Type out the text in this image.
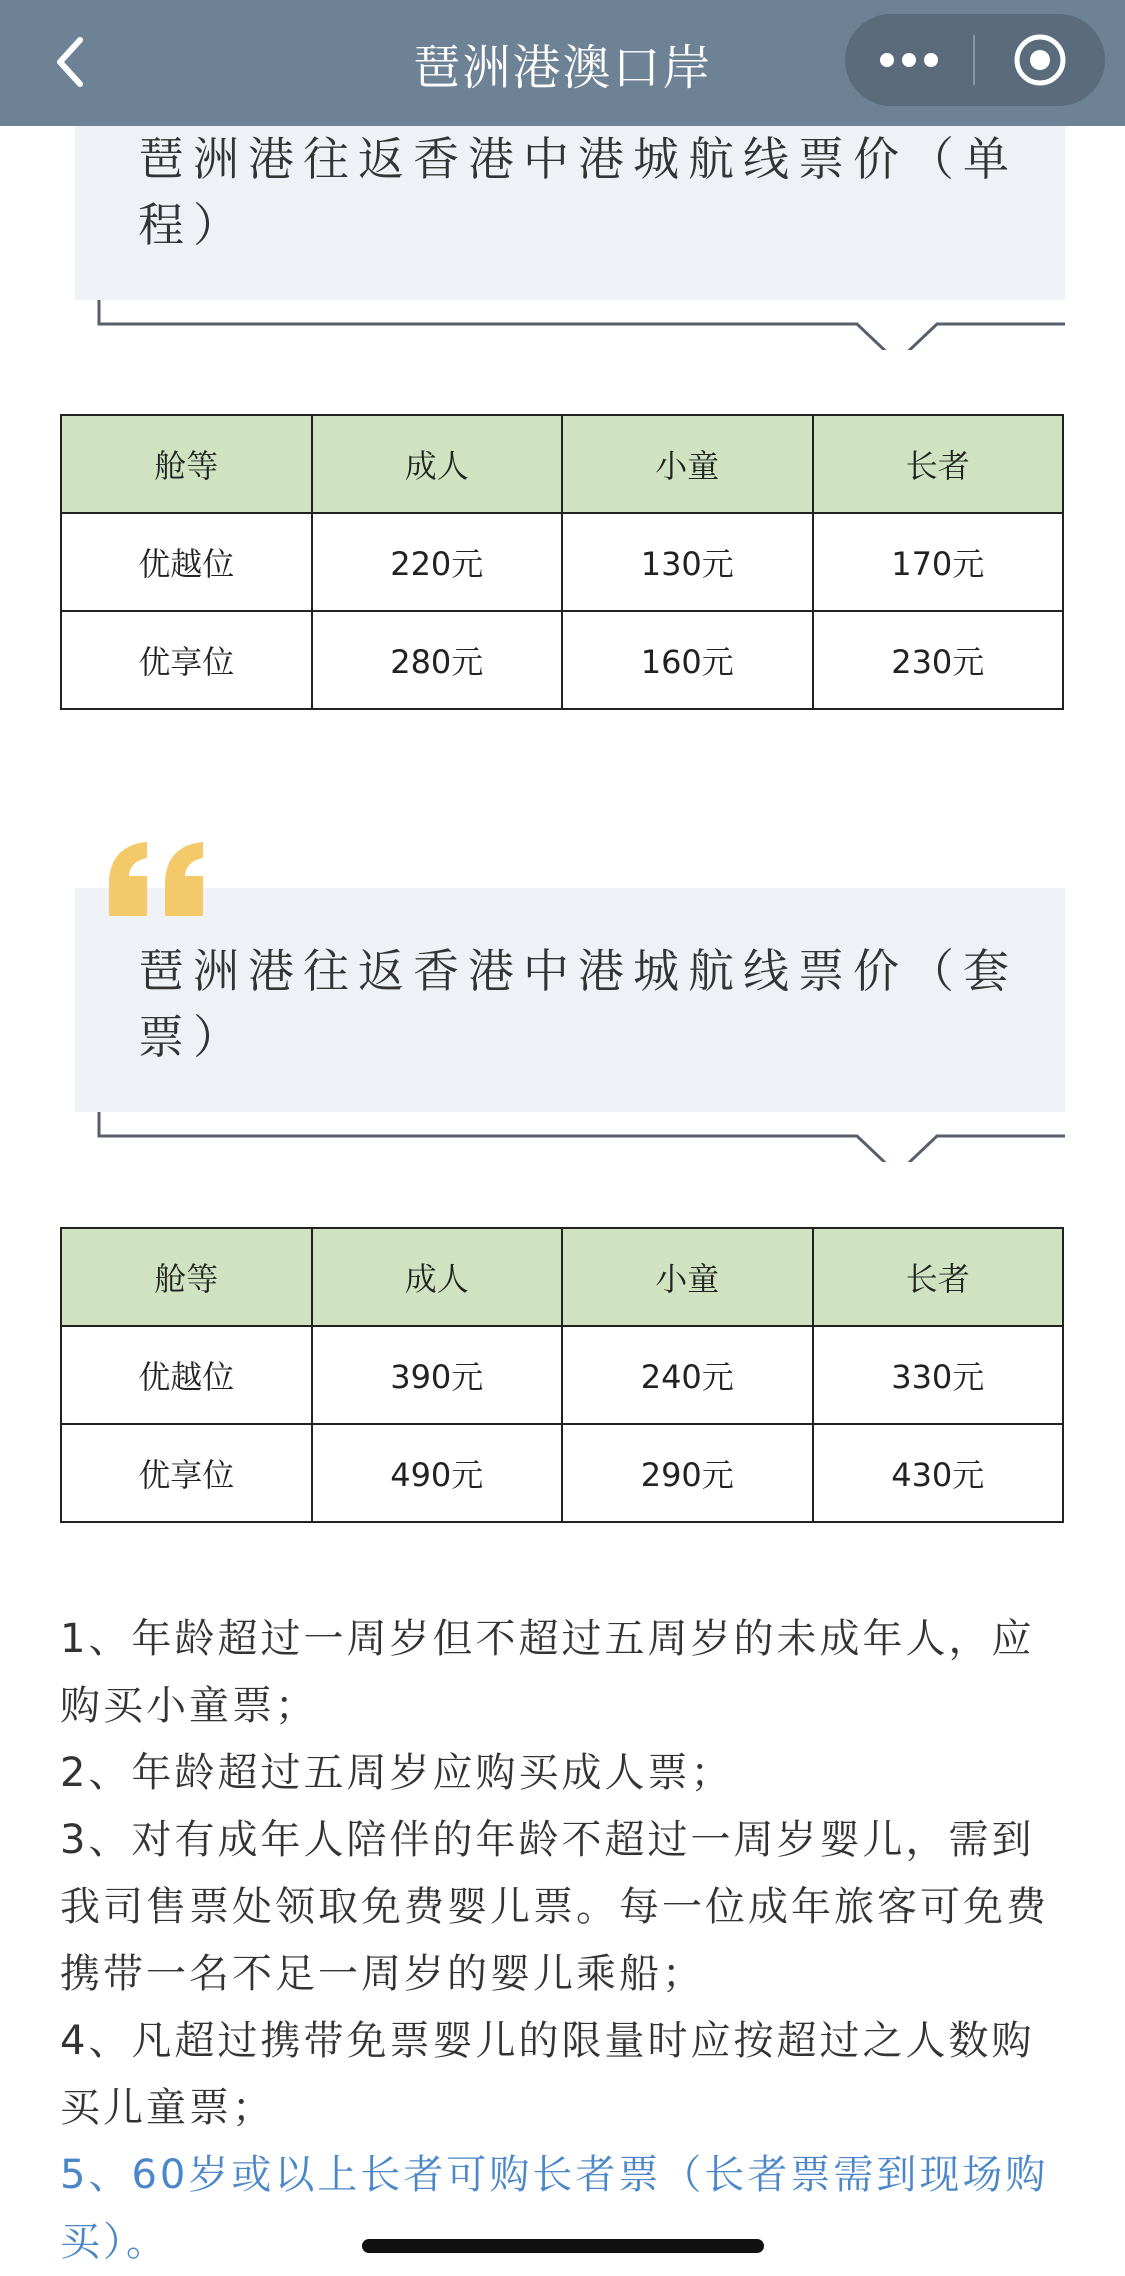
琶洲港澳口岸
琶洲港往返香港中港城航线票价（单程）
舱等	成人	小童	长者
优越位	220元	130元	170元
优享位	280元	160元	230元
琶洲港往返香港中港城航线票价（套票）
舱等	成人	小童	长者
优越位	390元	240元	330元
优享位	490元	290元	430元

1、年龄超过一周岁但不超过五周岁的未成年人，应购买小童票；

2、年龄超过五周岁应购买成人票；

3、对有成年人陪伴的年龄不超过一周岁婴儿，需到我司售票处领取免费婴儿票。每一位成年旅客可免费携带一名不足一周岁的婴儿乘船；

4、凡超过携带免票婴儿的限量时应按超过之人数购买儿童票；

5、60岁或以上长者可购长者票（长者票需到现场购买）。
